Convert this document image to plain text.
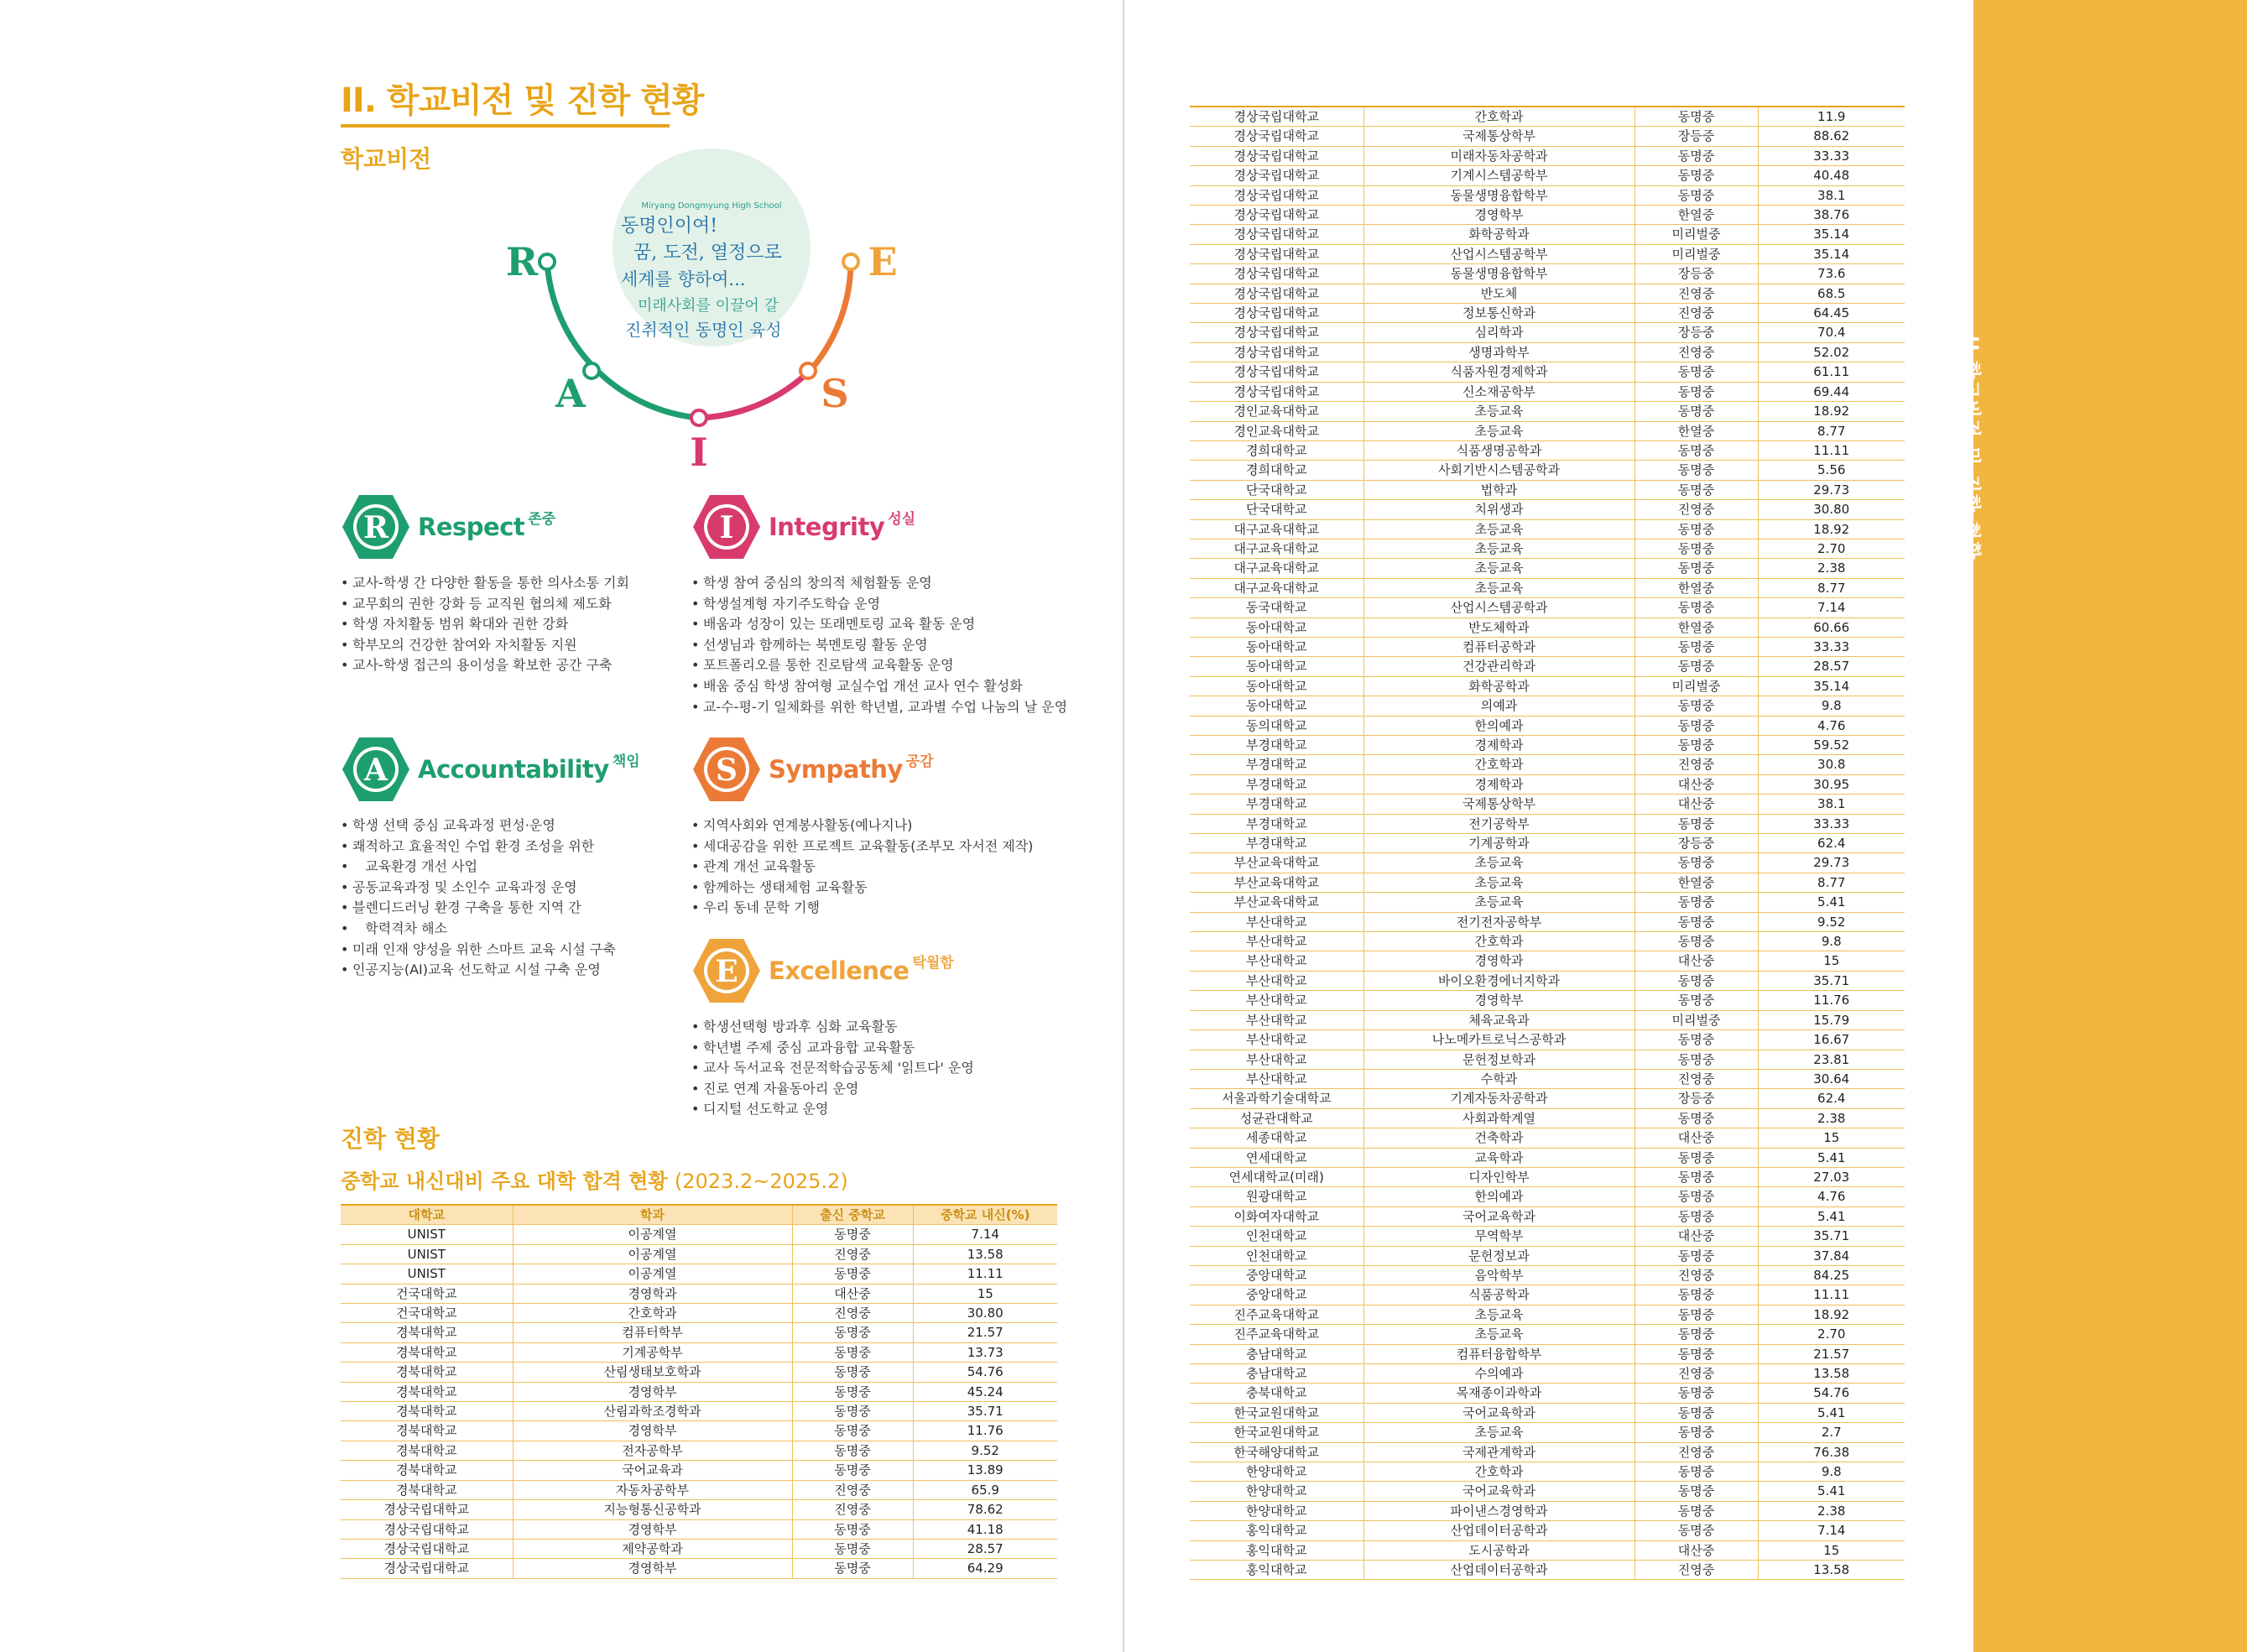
II 학교비전 및 진학 현황
II. 학교비전 및 진학 현황
학교비전
Miryang Dongmyung High School
동명인이여!
꿈, 도전, 열정으로
세계를 향하여...
미래사회를 이끌어 갈
진취적인 동명인 육성
R
A
I
S
E
R Respect 존중
• 교사-학생 간 다양한 활동을 통한 의사소통 기회
• 교무회의 권한 강화 등 교직원 협의체 제도화
• 학생 자치활동 범위 확대와 권한 강화
• 학부모의 건강한 참여와 자치활동 지원
• 교사-학생 접근의 용이성을 확보한 공간 구축
I Integrity 성실
• 학생 참여 중심의 창의적 체험활동 운영
• 학생설계형 자기주도학습 운영
• 배움과 성장이 있는 또래멘토링 교육 활동 운영
• 선생님과 함께하는 북멘토링 활동 운영
• 포트폴리오를 통한 진로탐색 교육활동 운영
• 배움 중심 학생 참여형 교실수업 개선 교사 연수 활성화
• 교-수-평-기 일체화를 위한 학년별, 교과별 수업 나눔의 날 운영
A Accountability 책임
• 학생 선택 중심 교육과정 편성·운영
• 쾌적하고 효율적인 수업 환경 조성을 위한
•    교육환경 개선 사업
• 공동교육과정 및 소인수 교육과정 운영
• 블렌디드러닝 환경 구축을 통한 지역 간
•    학력격차 해소
• 미래 인재 양성을 위한 스마트 교육 시설 구축
• 인공지능(AI)교육 선도학교 시설 구축 운영
S Sympathy 공감
• 지역사회와 연계봉사활동(예나지나)
• 세대공감을 위한 프로젝트 교육활동(조부모 자서전 제작)
• 관계 개선 교육활동
• 함께하는 생태체험 교육활동
• 우리 동네 문학 기행
E Excellence 탁월함
• 학생선택형 방과후 심화 교육활동
• 학년별 주제 중심 교과융합 교육활동
• 교사 독서교육 전문적학습공동체 '읽트다' 운영
• 진로 연계 자율동아리 운영
• 디지털 선도학교 운영
진학 현황
중학교 내신대비 주요 대학 합격 현황 (2023.2~2025.2)
대학교	학과	출신 중학교	중학교 내신(%)
UNIST	이공계열	동명중	7.14
UNIST	이공계열	진영중	13.58
UNIST	이공계열	동명중	11.11
건국대학교	경영학과	대산중	15
건국대학교	간호학과	진영중	30.80
경북대학교	컴퓨터학부	동명중	21.57
경북대학교	기계공학부	동명중	13.73
경북대학교	산림생태보호학과	동명중	54.76
경북대학교	경영학부	동명중	45.24
경북대학교	산림과학조경학과	동명중	35.71
경북대학교	경영학부	동명중	11.76
경북대학교	전자공학부	동명중	9.52
경북대학교	국어교육과	동명중	13.89
경북대학교	자동차공학부	진영중	65.9
경상국립대학교	지능형통신공학과	진영중	78.62
경상국립대학교	경영학부	동명중	41.18
경상국립대학교	제약공학과	동명중	28.57
경상국립대학교	경영학부	동명중	64.29
경상국립대학교	간호학과	동명중	11.9
경상국립대학교	국제통상학부	장등중	88.62
경상국립대학교	미래자동차공학과	동명중	33.33
경상국립대학교	기계시스템공학부	동명중	40.48
경상국립대학교	동물생명융합학부	동명중	38.1
경상국립대학교	경영학부	한열중	38.76
경상국립대학교	화학공학과	미리벌중	35.14
경상국립대학교	산업시스템공학부	미리벌중	35.14
경상국립대학교	동물생명융합학부	장등중	73.6
경상국립대학교	반도체	진영중	68.5
경상국립대학교	정보통신학과	진영중	64.45
경상국립대학교	심리학과	장등중	70.4
경상국립대학교	생명과학부	진영중	52.02
경상국립대학교	식품자원경제학과	동명중	61.11
경상국립대학교	신소재공학부	동명중	69.44
경인교육대학교	초등교육	동명중	18.92
경인교육대학교	초등교육	한열중	8.77
경희대학교	식품생명공학과	동명중	11.11
경희대학교	사회기반시스템공학과	동명중	5.56
단국대학교	법학과	동명중	29.73
단국대학교	치위생과	진영중	30.80
대구교육대학교	초등교육	동명중	18.92
대구교육대학교	초등교육	동명중	2.70
대구교육대학교	초등교육	동명중	2.38
대구교육대학교	초등교육	한열중	8.77
동국대학교	산업시스템공학과	동명중	7.14
동아대학교	반도체학과	한열중	60.66
동아대학교	컴퓨터공학과	동명중	33.33
동아대학교	건강관리학과	동명중	28.57
동아대학교	화학공학과	미리벌중	35.14
동아대학교	의예과	동명중	9.8
동의대학교	한의예과	동명중	4.76
부경대학교	경제학과	동명중	59.52
부경대학교	간호학과	진영중	30.8
부경대학교	경제학과	대산중	30.95
부경대학교	국제통상학부	대산중	38.1
부경대학교	전기공학부	동명중	33.33
부경대학교	기계공학과	장등중	62.4
부산교육대학교	초등교육	동명중	29.73
부산교육대학교	초등교육	한열중	8.77
부산교육대학교	초등교육	동명중	5.41
부산대학교	전기전자공학부	동명중	9.52
부산대학교	간호학과	동명중	9.8
부산대학교	경영학과	대산중	15
부산대학교	바이오환경에너지학과	동명중	35.71
부산대학교	경영학부	동명중	11.76
부산대학교	체육교육과	미리벌중	15.79
부산대학교	나노메카트로닉스공학과	동명중	16.67
부산대학교	문헌정보학과	동명중	23.81
부산대학교	수학과	진영중	30.64
서울과학기술대학교	기계자동차공학과	장등중	62.4
성균관대학교	사회과학계열	동명중	2.38
세종대학교	건축학과	대산중	15
연세대학교	교육학과	동명중	5.41
연세대학교(미래)	디자인학부	동명중	27.03
원광대학교	한의예과	동명중	4.76
이화여자대학교	국어교육학과	동명중	5.41
인천대학교	무역학부	대산중	35.71
인천대학교	문헌정보과	동명중	37.84
중앙대학교	음악학부	진영중	84.25
중앙대학교	식품공학과	동명중	11.11
진주교육대학교	초등교육	동명중	18.92
진주교육대학교	초등교육	동명중	2.70
충남대학교	컴퓨터융합학부	동명중	21.57
충남대학교	수의예과	진영중	13.58
충북대학교	목재종이과학과	동명중	54.76
한국교원대학교	국어교육학과	동명중	5.41
한국교원대학교	초등교육	동명중	2.7
한국해양대학교	국제관계학과	진영중	76.38
한양대학교	간호학과	동명중	9.8
한양대학교	국어교육학과	동명중	5.41
한양대학교	파이낸스경영학과	동명중	2.38
홍익대학교	산업데이터공학과	동명중	7.14
홍익대학교	도시공학과	대산중	15
홍익대학교	산업데이터공학과	진영중	13.58
